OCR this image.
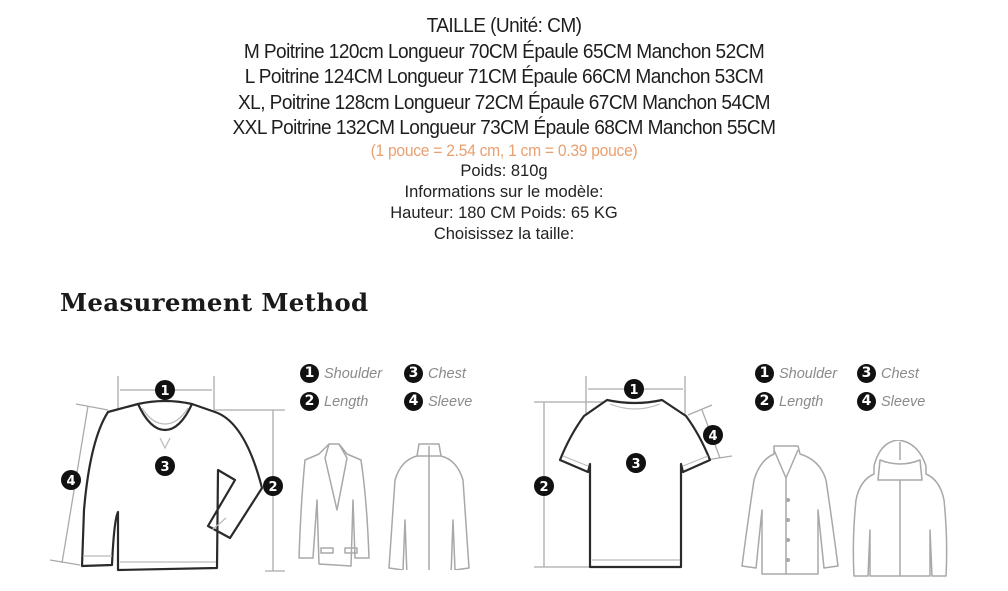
TAILLE (Unité: CM)
M Poitrine 120cm Longueur 70CM Épaule 65CM Manchon 52CM
L Poitrine 124CM Longueur 71CM Épaule 66CM Manchon 53CM
XL, Poitrine 128cm Longueur 72CM Épaule 67CM Manchon 54CM
XXL Poitrine 132CM Longueur 73CM Épaule 68CM Manchon 55CM
(1 pouce = 2.54 cm, 1 cm = 0.39 pouce)
Poids: 810g
Informations sur le modèle:
Hauteur: 180 CM Poids: 65 KG
Choisissez la taille:
Measurement Method
1
3
2
4
1 Shoulder	3 Chest
2 Length	4 Sleeve
1
3
2
4
1 Shoulder	3 Chest
2 Length	4 Sleeve
